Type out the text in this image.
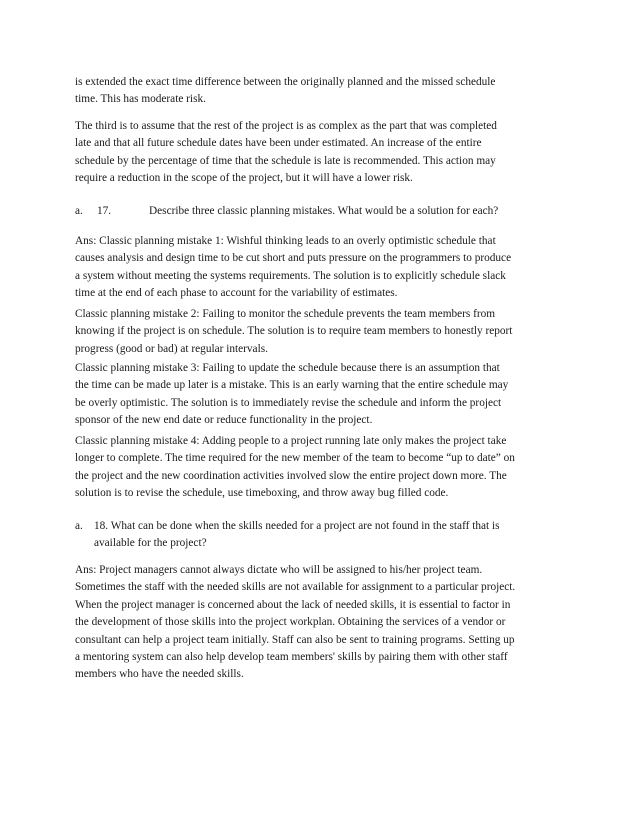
is extended the exact time difference between the originally planned and the missed schedule

time. This has moderate risk.

The third is to assume that the rest of the project is as complex as the part that was completed

late and that all future schedule dates have been under estimated. An increase of the entire

schedule by the percentage of time that the schedule is late is recommended. This action may

require a reduction in the scope of the project, but it will have a lower risk.

a. 17.	Describe three classic planning mistakes. What would be a solution for each?

Ans: Classic planning mistake 1: Wishful thinking leads to an overly optimistic schedule that

causes analysis and design time to be cut short and puts pressure on the programmers to produce

a system without meeting the systems requirements. The solution is to explicitly schedule slack

time at the end of each phase to account for the variability of estimates.

Classic planning mistake 2: Failing to monitor the schedule prevents the team members from

knowing if the project is on schedule. The solution is to require team members to honestly report

progress (good or bad) at regular intervals.

Classic planning mistake 3: Failing to update the schedule because there is an assumption that

the time can be made up later is a mistake. This is an early warning that the entire schedule may

be overly optimistic. The solution is to immediately revise the schedule and inform the project

sponsor of the new end date or reduce functionality in the project.

Classic planning mistake 4: Adding people to a project running late only makes the project take

longer to complete. The time required for the new member of the team to become “up to date” on

the project and the new coordination activities involved slow the entire project down more. The

solution is to revise the schedule, use timeboxing, and throw away bug filled code.

a. 18. What can be done when the skills needed for a project are not found in the staff that is
available for the project?

Ans: Project managers cannot always dictate who will be assigned to his/her project team.

Sometimes the staff with the needed skills are not available for assignment to a particular project.

When the project manager is concerned about the lack of needed skills, it is essential to factor in

the development of those skills into the project workplan. Obtaining the services of a vendor or

consultant can help a project team initially. Staff can also be sent to training programs. Setting up

a mentoring system can also help develop team members' skills by pairing them with other staff

members who have the needed skills.
